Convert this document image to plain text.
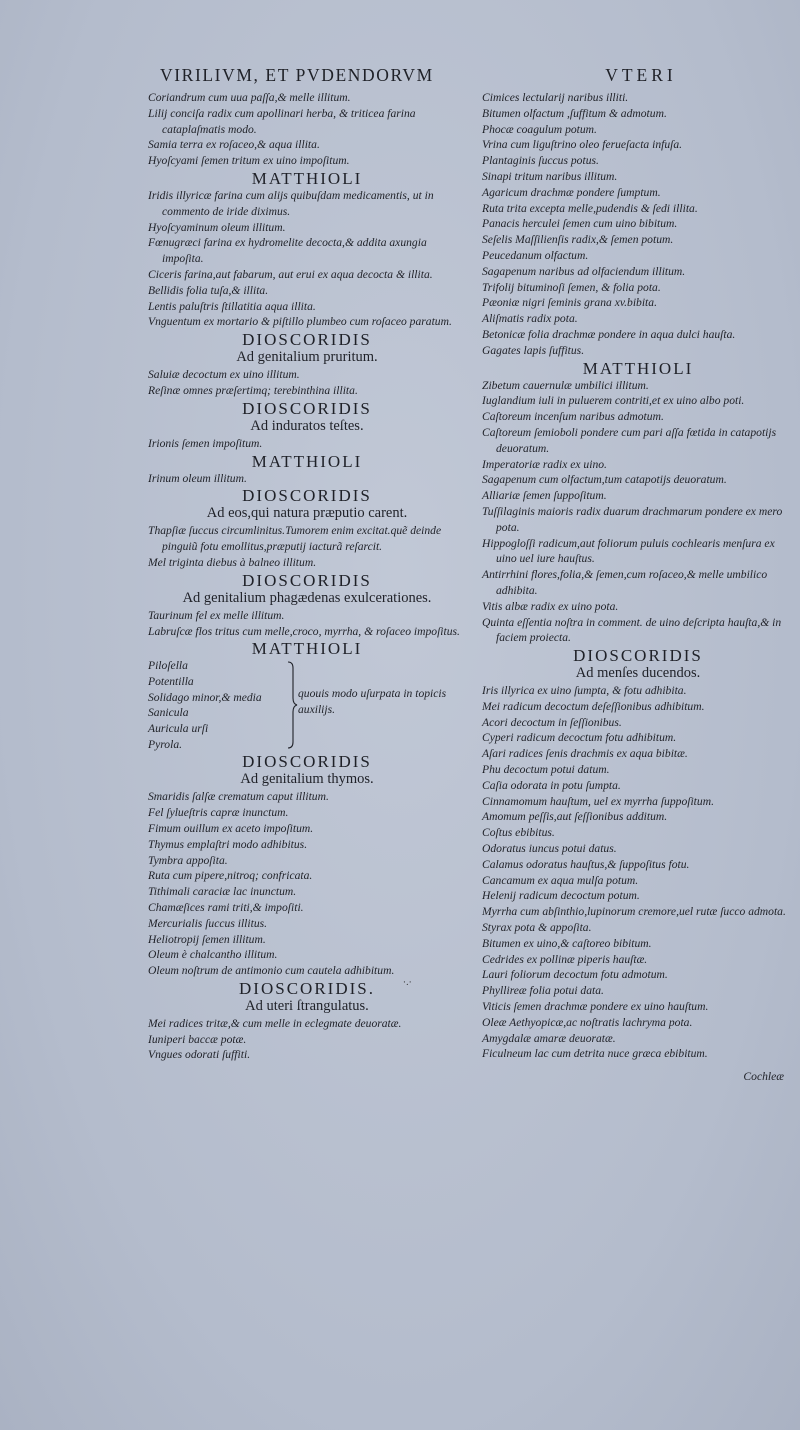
VIRILIVM, ET PVDENDORVM

Coriandrum cum uua paſſa,& melle illitum.

Lilij conciſa radix cum apollinari herba, & triticea farina cataplaſmatis modo.

Samia terra ex roſaceo,& aqua illita.

Hyoſcyami ſemen tritum ex uino impoſitum.

MATTHIOLI

Iridis illyricæ farina cum alijs quibuſdam medicamentis, ut in commento de iride diximus.

Hyoſcyaminum oleum illitum.

Fœnugræci farina ex hydromelite decocta,& addita axungia impoſita.

Ciceris farina,aut fabarum, aut erui ex aqua decocta & illita.

Bellidis folia tuſa,& illita.

Lentis paluſtris ſtillatitia aqua illita.

Vnguentum ex mortario & piſtillo plumbeo cum roſaceo paratum.

DIOSCORIDIS
Ad genitalium pruritum.

Saluiæ decoctum ex uino illitum.

Reſinæ omnes præſertimq; terebinthina illita.

DIOSCORIDIS
Ad induratos teſtes.

Irionis ſemen impoſitum.

MATTHIOLI

Irinum oleum illitum.

DIOSCORIDIS
Ad eos,qui natura præputio carent.

Thapſiæ ſuccus circumlinitus.Tumorem enim excitat.quẽ deinde pinguiũ fotu emollitus,præputij iacturã reſarcit.

Mel triginta diebus à balneo illitum.

DIOSCORIDIS
Ad genitalium phagædenas exulcerationes.

Taurinum fel ex melle illitum.

Labruſcæ flos tritus cum melle,croco, myrrha, & roſaceo impoſitus.

MATTHIOLI

Piloſella

Potentilla

Solidago minor,& media

Sanicula

Auricula urſi

Pyrola.

quouis modo uſurpata in topicis auxilijs.
DIOSCORIDIS
Ad genitalium thymos.

Smaridis ſalſæ crematum caput illitum.

Fel ſylueſtris capræ inunctum.

Fimum ouillum ex aceto impoſitum.

Thymus emplaſtri modo adhibitus.

Tymbra appoſita.

Ruta cum pipere,nitroq; confricata.

Tithimali caraciæ lac inunctum.

Chamæſices rami triti,& impoſiti.

Mercurialis ſuccus illitus.

Heliotropij ſemen illitum.

Oleum è chalcantho illitum.

Oleum noſtrum de antimonio cum cautela adhibitum.

DIOSCORIDIS.
Ad uteri ſtrangulatus.

Mei radices tritæ,& cum melle in eclegmate deuoratæ.

Iuniperi baccæ potæ.

Vngues odorati ſuffiti.

VTERI

Cimices lectularij naribus illiti.

Bitumen olfactum ,ſuffitum & admotum.

Phocæ coagulum potum.

Vrina cum liguſtrino oleo ferueſacta infuſa.

Plantaginis ſuccus potus.

Sinapi tritum naribus illitum.

Agaricum drachmæ pondere ſumptum.

Ruta trita excepta melle,pudendis & ſedi illita.

Panacis herculei ſemen cum uino bibitum.

Seſelis Maſſilienſis radix,& ſemen potum.

Peucedanum olfactum.

Sagapenum naribus ad olfaciendum illitum.

Trifolij bituminoſi ſemen, & folia pota.

Pæoniæ nigri ſeminis grana xv.bibita.

Aliſmatis radix pota.

Betonicæ folia drachmæ pondere in aqua dulci hauſta.

Gagates lapis ſuffitus.

MATTHIOLI

Zibetum cauernulæ umbilici illitum.

Iuglandium iuli in puluerem contriti,et ex uino albo poti.

Caſtoreum incenſum naribus admotum.

Caſtoreum ſemioboli pondere cum pari aſſa fœtida in catapotijs deuoratum.

Imperatoriæ radix ex uino.

Sagapenum cum olfactum,tum catapotijs deuoratum.

Alliariæ ſemen ſuppoſitum.

Tuſſilaginis maioris radix duarum drachmarum pondere ex mero pota.

Hippogloſſi radicum,aut foliorum puluis cochlearis menſura ex uino uel iure hauſtus.

Antirrhini flores,folia,& ſemen,cum roſaceo,& melle umbilico adhibita.

Vitis albæ radix ex uino pota.

Quinta eſſentia noſtra in comment. de uino deſcripta hauſta,& in faciem proiecta.

DIOSCORIDIS
Ad menſes ducendos.

Iris illyrica ex uino ſumpta, & fotu adhibita.

Mei radicum decoctum deſeſſionibus adhibitum.

Acori decoctum in ſeſſionibus.

Cyperi radicum decoctum fotu adhibitum.

Aſari radices ſenis drachmis ex aqua bibitæ.

Phu decoctum potui datum.

Caſia odorata in potu ſumpta.

Cinnamomum hauſtum, uel ex myrrha ſuppoſitum.

Amomum peſſis,aut ſeſſionibus additum.

Coſtus ebibitus.

Odoratus iuncus potui datus.

Calamus odoratus hauſtus,& ſuppoſitus fotu.

Cancamum ex aqua mulſa potum.

Helenij radicum decoctum potum.

Myrrha cum abſinthio,lupinorum cremore,uel rutæ ſucco admota.

Styrax pota & appoſita.

Bitumen ex uino,& caſtoreo bibitum.

Cedrides ex pollinæ piperis hauſtæ.

Lauri foliorum decoctum fotu admotum.

Phyllireæ folia potui data.

Viticis ſemen drachmæ pondere ex uino hauſtum.

Oleæ Aethyopicæ,ac noſtratis lachryma pota.

Amygdalæ amaræ deuoratæ.

Ficulneum lac cum detrita nuce græca ebibitum.

Cochleæ
·.·
